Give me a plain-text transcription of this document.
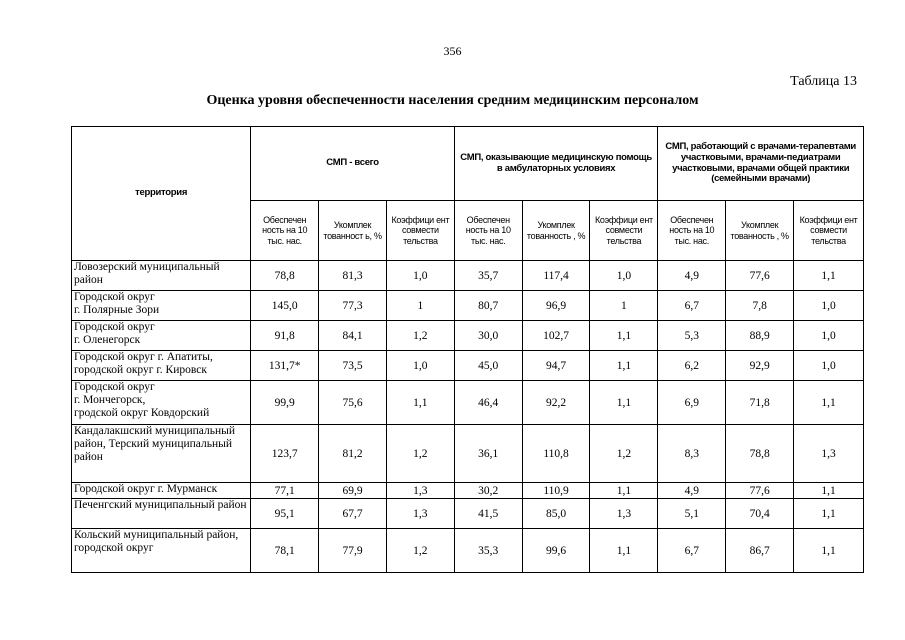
356
Таблица 13
Оценка уровня обеспеченности населения средним медицинским персоналом
территория	СМП - всего			СМП, оказывающие медицинскую помощь в амбулаторных условиях			СМП, работающий с врачами-терапевтами участковыми, врачами-педиатрами участковыми, врачами общей практики (семейными врачами)		
	Обеспечен ность на 10 тыс. нас.	Укомплек тованност ь, %	Коэффици ент совмести тельства	Обеспечен ность на 10 тыс. нас.	Укомплек тованность , %	Коэффици ент совмести тельства	Обеспечен ность на 10 тыс. нас.	Укомплек тованность , %	Коэффици ент совмести тельства
Ловозерский муниципальный район	78,8	81,3	1,0	35,7	117,4	1,0	4,9	77,6	1,1
Городской округ
г. Полярные Зори	145,0	77,3	1	80,7	96,9	1	6,7	7,8	1,0
Городской округ
г. Оленегорск	91,8	84,1	1,2	30,0	102,7	1,1	5,3	88,9	1,0
Городской округ г. Апатиты, городской округ г. Кировск	131,7*	73,5	1,0	45,0	94,7	1,1	6,2	92,9	1,0
Городской округ
г. Мончегорск,
гродской округ Ковдорский	99,9	75,6	1,1	46,4	92,2	1,1	6,9	71,8	1,1
Кандалакшский муниципальный район, Терский муниципальный район	123,7	81,2	1,2	36,1	110,8	1,2	8,3	78,8	1,3
Городской округ г. Мурманск	77,1	69,9	1,3	30,2	110,9	1,1	4,9	77,6	1,1
Печенгский муниципальный район	95,1	67,7	1,3	41,5	85,0	1,3	5,1	70,4	1,1
Кольский муниципальный район,
городской округ	78,1	77,9	1,2	35,3	99,6	1,1	6,7	86,7	1,1
